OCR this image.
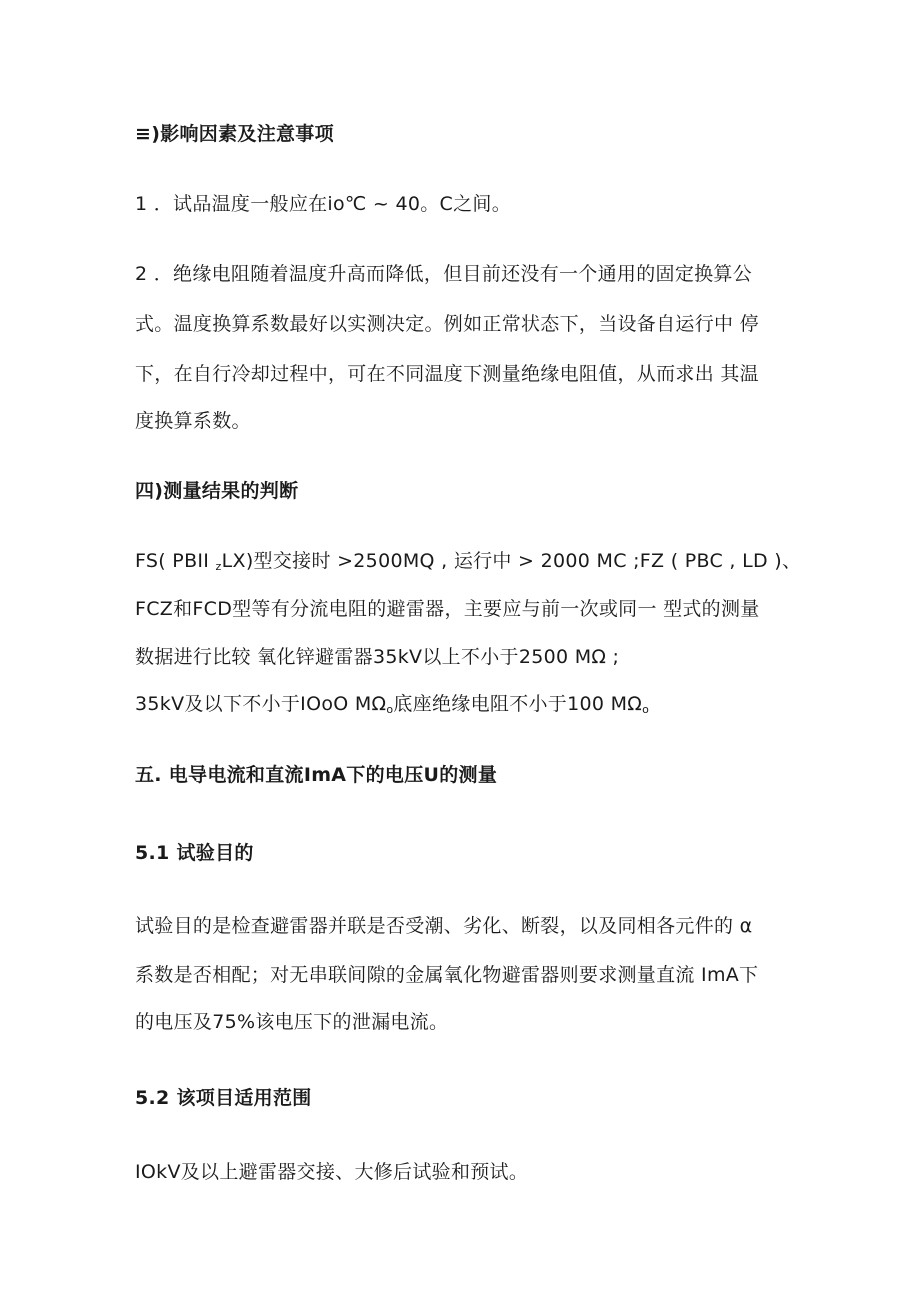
≡)影响因素及注意事项
1 ．试品温度一般应在io℃ ~ 40。C之间。
2 ．绝缘电阻随着温度升高而降低，但目前还没有一个通用的固定换算公
式。温度换算系数最好以实测决定。例如正常状态下，当设备自运行中 停
下，在自行冷却过程中，可在不同温度下测量绝缘电阻值，从而求出 其温
度换算系数。
四)测量结果的判断
FS( PBII $_z$LX)型交接时 >2500MQ , 运行中 > 2000 MC ;FZ ( PBC , LD )、
FCZ和FCD型等有分流电阻的避雷器，主要应与前一次或同一 型式的测量
数据进行比较 氧化锌避雷器35kV以上不小于2500 MΩ ;
35kV及以下不小于IOoO $M\Omega_o$底座绝缘电阻不小于100 $M\Omega_o$
五. 电导电流和直流ImA下的电压U的测量
5.1 试验目的
试验目的是检查避雷器并联是否受潮、劣化、断裂，以及同相各元件的 α
系数是否相配；对无串联间隙的金属氧化物避雷器则要求测量直流 ImA下
的电压及75%该电压下的泄漏电流。
5.2 该项目适用范围
IOkV及以上避雷器交接、大修后试验和预试。
